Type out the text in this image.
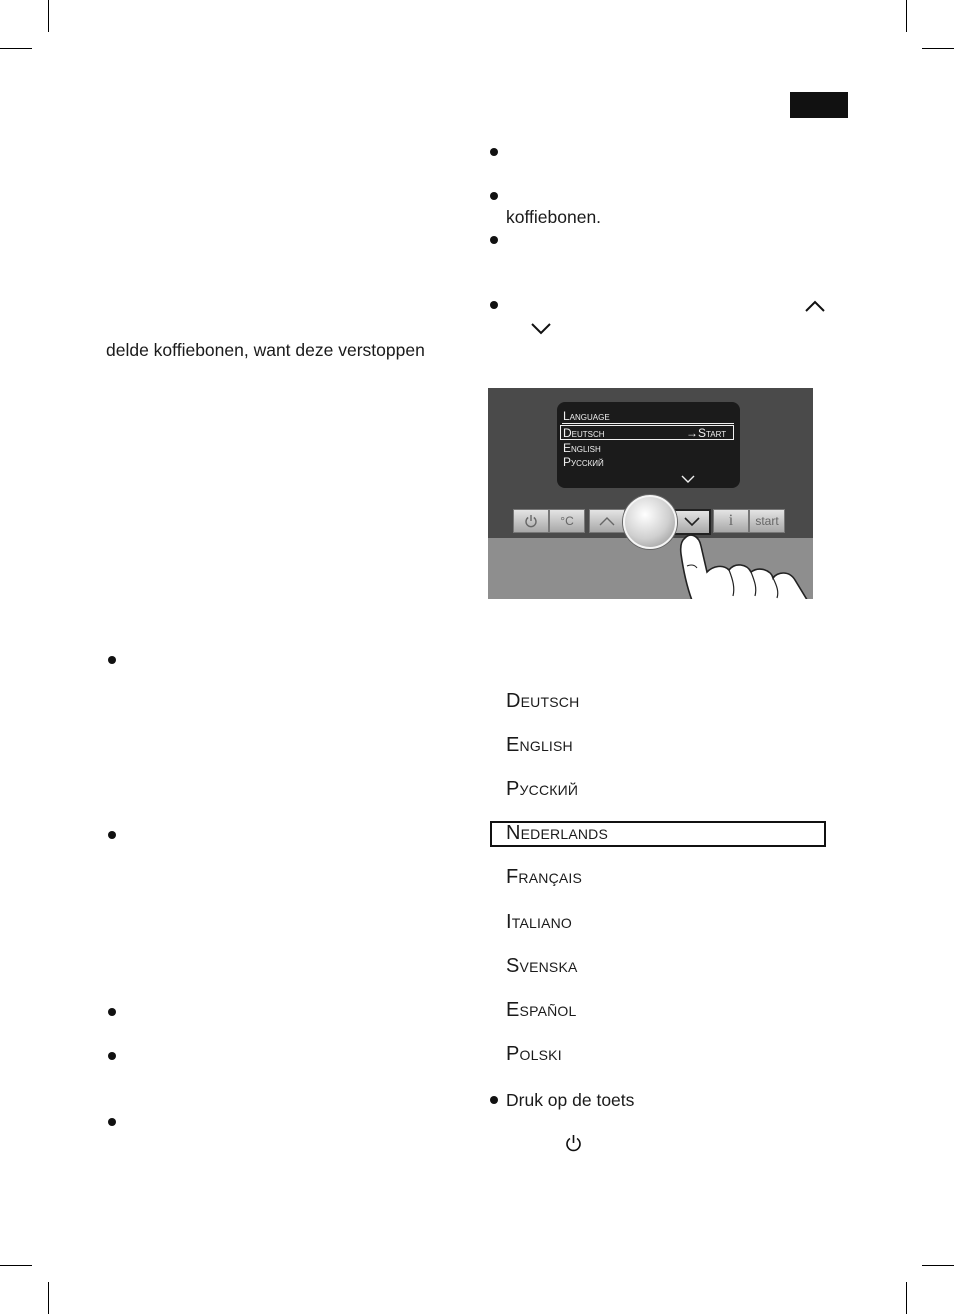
delde koffiebonen, want deze verstoppen
koffiebonen.
Language
Deutsch	→Start
English
Pусский
°C	i	start
Deutsch
English
Pусский
Nederlands
Français
Italiano
Svenska
Español
Polski
Druk op de toets
